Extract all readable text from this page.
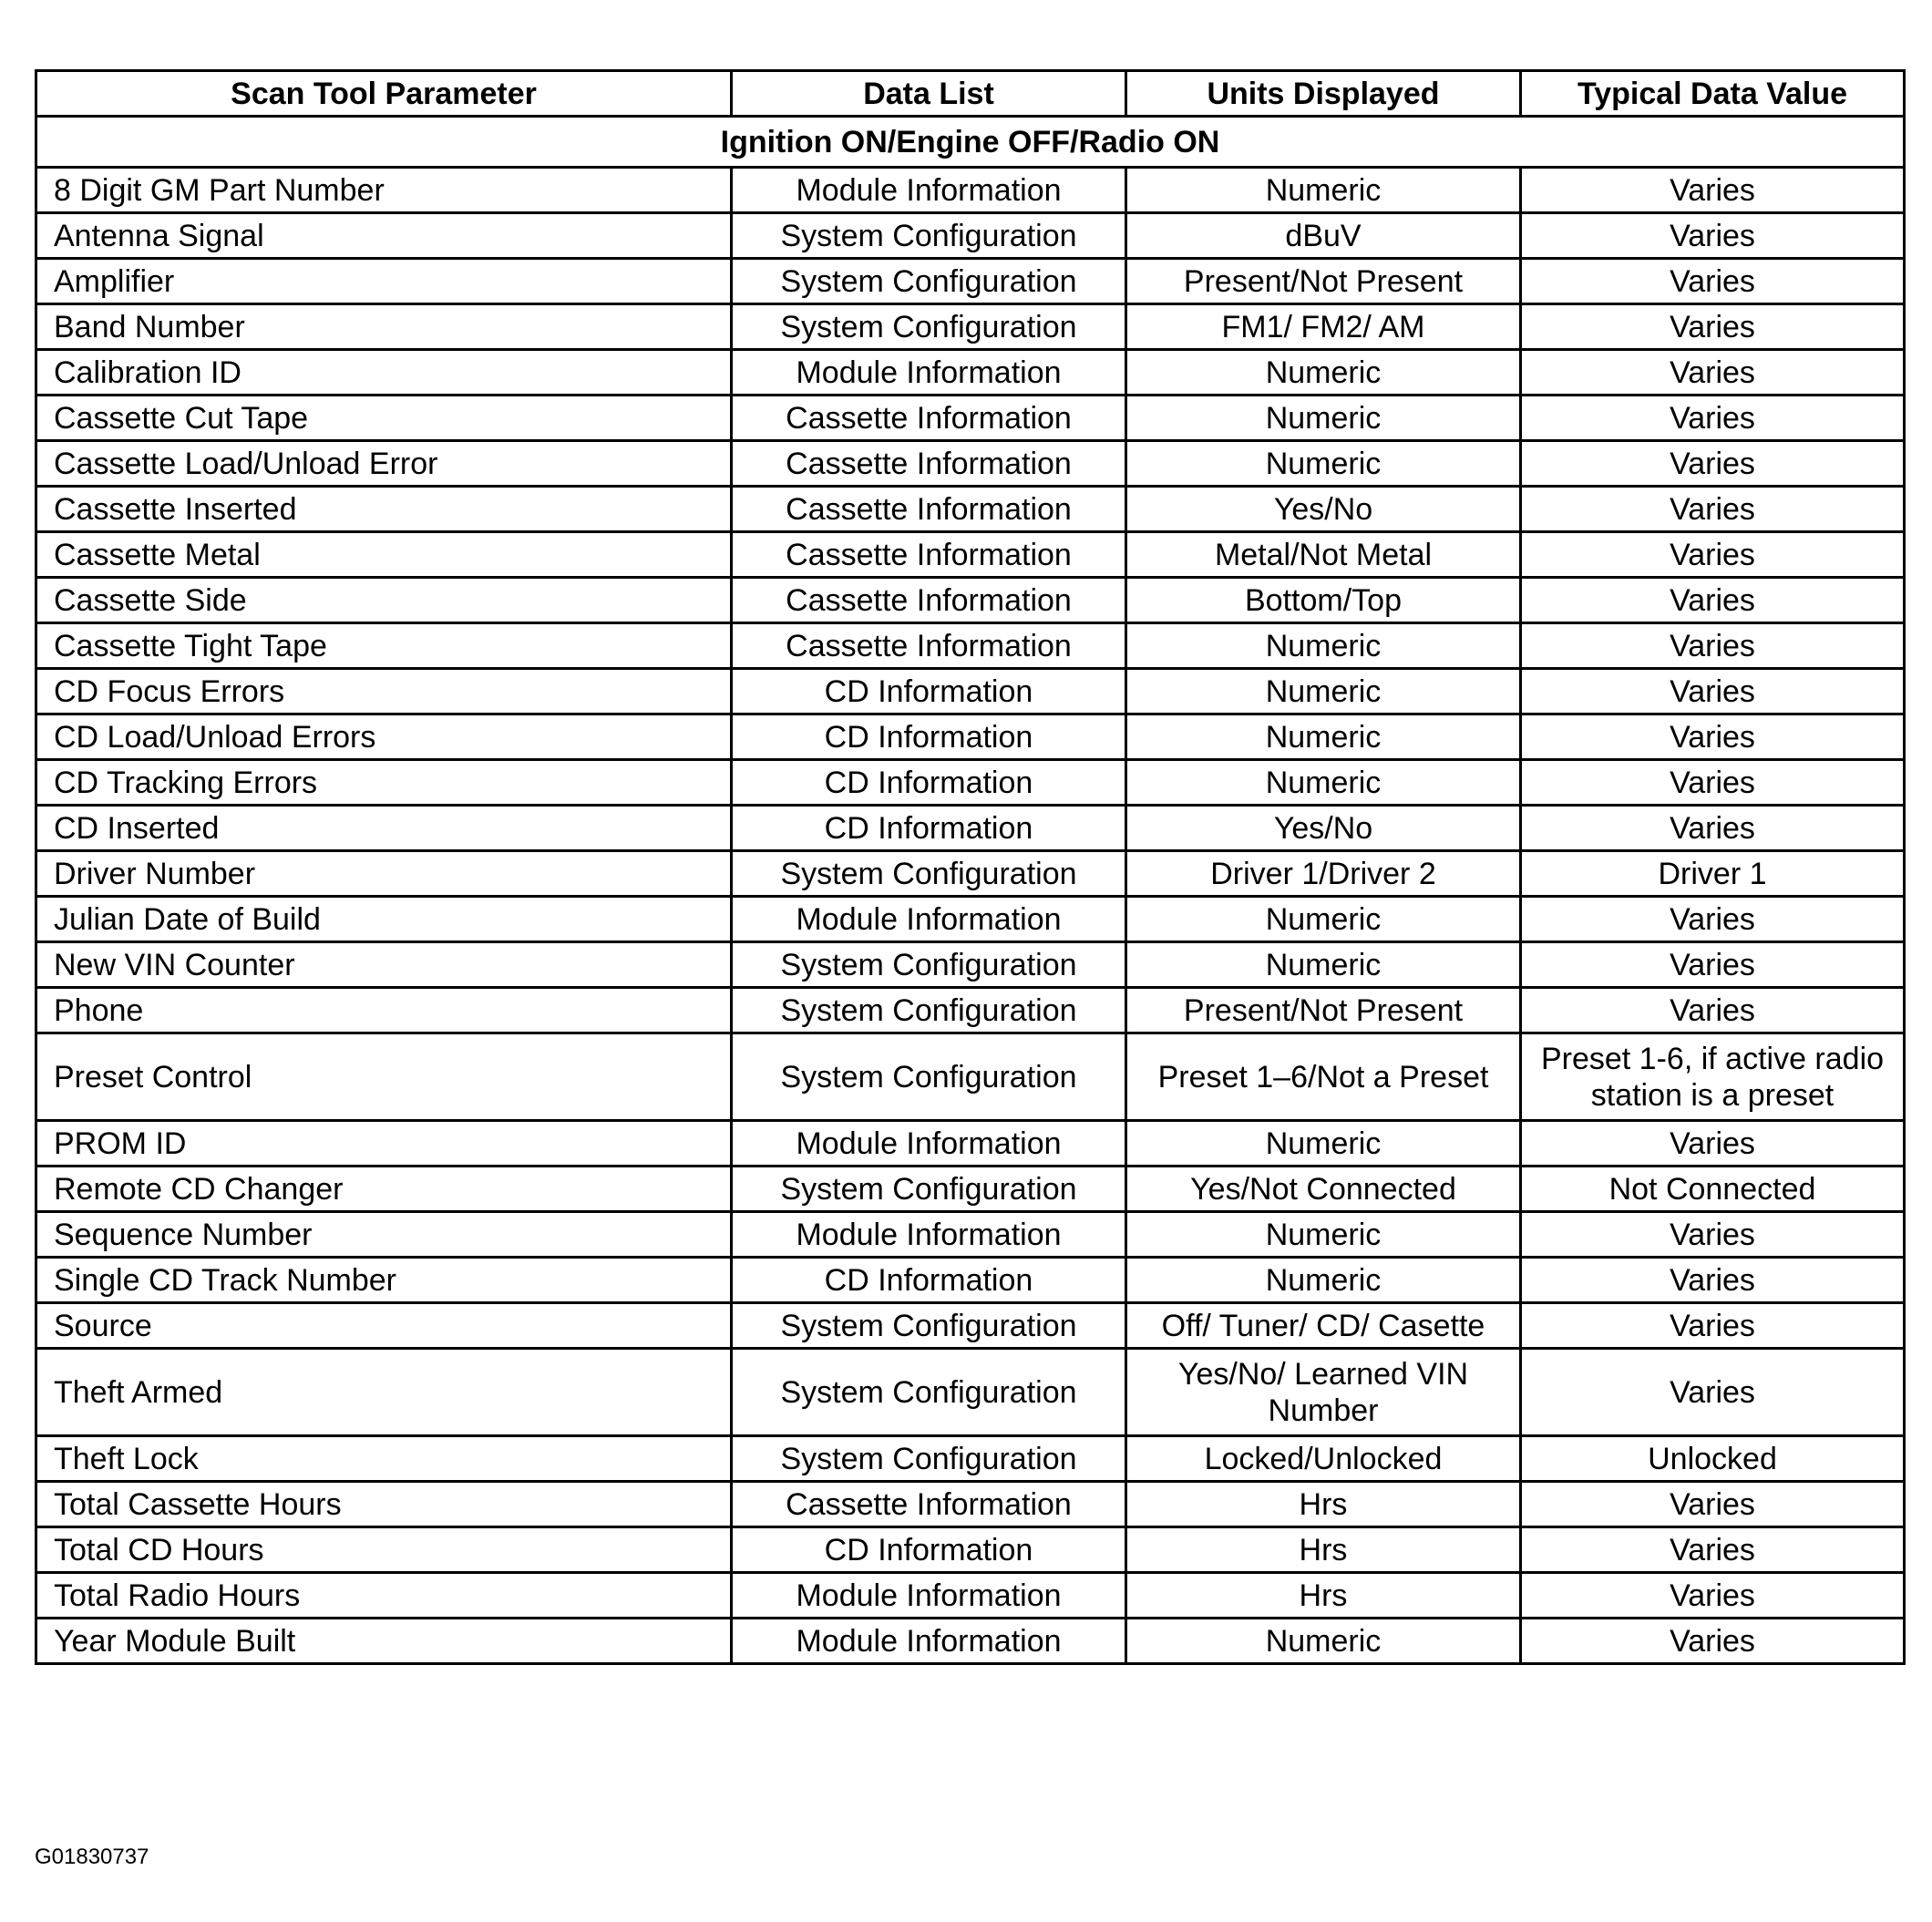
Scan Tool Parameter	Data List	Units Displayed	Typical Data Value
Ignition ON/Engine OFF/Radio ON			
8 Digit GM Part Number	Module Information	Numeric	Varies
Antenna Signal	System Configuration	dBuV	Varies
Amplifier	System Configuration	Present/Not Present	Varies
Band Number	System Configuration	FM1/ FM2/ AM	Varies
Calibration ID	Module Information	Numeric	Varies
Cassette Cut Tape	Cassette Information	Numeric	Varies
Cassette Load/Unload Error	Cassette Information	Numeric	Varies
Cassette Inserted	Cassette Information	Yes/No	Varies
Cassette Metal	Cassette Information	Metal/Not Metal	Varies
Cassette Side	Cassette Information	Bottom/Top	Varies
Cassette Tight Tape	Cassette Information	Numeric	Varies
CD Focus Errors	CD Information	Numeric	Varies
CD Load/Unload Errors	CD Information	Numeric	Varies
CD Tracking Errors	CD Information	Numeric	Varies
CD Inserted	CD Information	Yes/No	Varies
Driver Number	System Configuration	Driver 1/Driver 2	Driver 1
Julian Date of Build	Module Information	Numeric	Varies
New VIN Counter	System Configuration	Numeric	Varies
Phone	System Configuration	Present/Not Present	Varies
Preset Control	System Configuration	Preset 1–6/Not a Preset	Preset 1-6, if active radio station is a preset
PROM ID	Module Information	Numeric	Varies
Remote CD Changer	System Configuration	Yes/Not Connected	Not Connected
Sequence Number	Module Information	Numeric	Varies
Single CD Track Number	CD Information	Numeric	Varies
Source	System Configuration	Off/ Tuner/ CD/ Casette	Varies
Theft Armed	System Configuration	Yes/No/ Learned VIN Number	Varies
Theft Lock	System Configuration	Locked/Unlocked	Unlocked
Total Cassette Hours	Cassette Information	Hrs	Varies
Total CD Hours	CD Information	Hrs	Varies
Total Radio Hours	Module Information	Hrs	Varies
Year Module Built	Module Information	Numeric	Varies
G01830737
